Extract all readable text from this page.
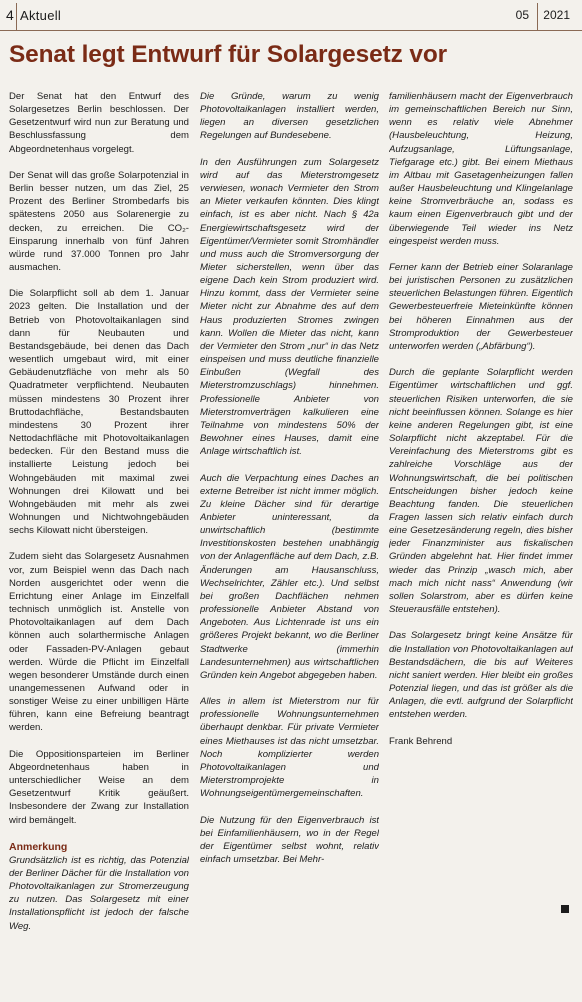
4 Aktuell	05 2021
Senat legt Entwurf für Solargesetz vor

Der Senat hat den Entwurf des Solargesetzes Berlin beschlossen. Der Gesetzentwurf wird nun zur Beratung und Beschlussfassung dem Abgeordnetenhaus vorgelegt.

Der Senat will das große Solarpotenzial in Berlin besser nutzen, um das Ziel, 25 Prozent des Berliner Strombedarfs bis spätestens 2050 aus Solarenergie zu decken, zu erreichen. Die CO₂-Einsparung innerhalb von fünf Jahren würde rund 37.000 Tonnen pro Jahr ausmachen.

Die Solarpflicht soll ab dem 1. Januar 2023 gelten. Die Installation und der Betrieb von Photovoltaikanlagen sind dann für Neubauten und Bestandsgebäude, bei denen das Dach wesentlich umgebaut wird, mit einer Gebäudenutzfläche von mehr als 50 Quadratmeter verpflichtend. Neubauten müssen mindestens 30 Prozent ihrer Bruttodachfläche, Bestandsbauten mindestens 30 Prozent ihrer Nettodachfläche mit Photovoltaikanlagen bedecken. Für den Bestand muss die installierte Leistung jedoch bei Wohngebäuden mit maximal zwei Wohnungen drei Kilowatt und bei Wohngebäuden mit mehr als zwei Wohnungen und Nichtwohngebäuden sechs Kilowatt nicht übersteigen.

Zudem sieht das Solargesetz Ausnahmen vor, zum Beispiel wenn das Dach nach Norden ausgerichtet oder wenn die Errichtung einer Anlage im Einzelfall technisch unmöglich ist. Anstelle von Photovoltaikanlagen auf dem Dach können auch solarthermische Anlagen oder Fassaden-PV-Anlagen gebaut werden. Würde die Pflicht im Einzelfall wegen besonderer Umstände durch einen unangemessenen Aufwand oder in sonstiger Weise zu einer unbilligen Härte führen, kann eine Befreiung beantragt werden.

Die Oppositionsparteien im Berliner Abgeordnetenhaus haben in unterschiedlicher Weise an dem Gesetzentwurf Kritik geäußert. Insbesondere der Zwang zur Installation wird bemängelt.

Anmerkung

Grundsätzlich ist es richtig, das Potenzial der Berliner Dächer für die Installation von Photovoltaikanlagen zur Stromerzeugung zu nutzen. Das Solargesetz mit einer Installationspflicht ist jedoch der falsche Weg.

Die Gründe, warum zu wenig Photovoltaikanlagen installiert werden, liegen an diversen gesetzlichen Regelungen auf Bundesebene.

In den Ausführungen zum Solargesetz wird auf das Mieterstromgesetz verwiesen, wonach Vermieter den Strom an Mieter verkaufen könnten. Dies klingt einfach, ist es aber nicht. Nach § 42a Energiewirtschaftsgesetz wird der Eigentümer/Vermieter somit Stromhändler und muss auch die Stromversorgung der Mieter sicherstellen, wenn über das eigene Dach kein Strom produziert wird. Hinzu kommt, dass der Vermieter seine Mieter nicht zur Abnahme des auf dem Haus produzierten Stromes zwingen kann. Wollen die Mieter das nicht, kann der Vermieter den Strom „nur“ in das Netz einspeisen und muss deutliche finanzielle Einbußen (Wegfall des Mieterstromzuschlags) hinnehmen. Professionelle Anbieter von Mieterstromverträgen kalkulieren eine Teilnahme von mindestens 50% der Bewohner eines Hauses, damit eine Anlage wirtschaftlich ist.

Auch die Verpachtung eines Daches an externe Betreiber ist nicht immer möglich. Zu kleine Dächer sind für derartige Anbieter uninteressant, da unwirtschaftlich (bestimmte Investitionskosten bestehen unabhängig von der Anlagenfläche auf dem Dach, z.B. Änderungen am Hausanschluss, Wechselrichter, Zähler etc.). Und selbst bei großen Dachflächen nehmen professionelle Anbieter Abstand von Angeboten. Aus Lichtenrade ist uns ein größeres Projekt bekannt, wo die Berliner Stadtwerke (immerhin Landesunternehmen) aus wirtschaftlichen Gründen kein Angebot abgegeben haben.

Alles in allem ist Mieterstrom nur für professionelle Wohnungsunternehmen überhaupt denkbar. Für private Vermieter eines Miethauses ist das nicht umsetzbar. Noch komplizierter werden Photovoltaikanlagen und Mieterstromprojekte in Wohnungseigentümergemeinschaften.

Die Nutzung für den Eigenverbrauch ist bei Einfamilienhäusern, wo in der Regel der Eigentümer selbst wohnt, relativ einfach umsetzbar. Bei Mehr-

familienhäusern macht der Eigenverbrauch im gemeinschaftlichen Bereich nur Sinn, wenn es relativ viele Abnehmer (Hausbeleuchtung, Heizung, Aufzugsanlage, Lüftungsanlage, Tiefgarage etc.) gibt. Bei einem Miethaus im Altbau mit Gasetagenheizungen fallen außer Hausbeleuchtung und Klingelanlage keine Stromverbräuche an, sodass es kaum einen Eigenverbrauch gibt und der überwiegende Teil wieder ins Netz eingespeist werden muss.

Ferner kann der Betrieb einer Solaranlage bei juristischen Personen zu zusätzlichen steuerlichen Belastungen führen. Eigentlich Gewerbesteuerfreie Mieteinkünfte können bei höheren Einnahmen aus der Stromproduktion der Gewerbesteuer unterworfen werden („Abfärbung“).

Durch die geplante Solarpflicht werden Eigentümer wirtschaftlichen und ggf. steuerlichen Risiken unterworfen, die sie nicht beeinflussen können. Solange es hier keine anderen Regelungen gibt, ist eine Solarpflicht nicht akzeptabel. Für die Vereinfachung des Mieterstroms gibt es zahlreiche Vorschläge aus der Wohnungswirtschaft, die bei politischen Entscheidungen bisher jedoch keine Beachtung fanden. Die steuerlichen Fragen lassen sich relativ einfach durch eine Gesetzesänderung regeln, dies bisher jeder Finanzminister aus fiskalischen Gründen abgelehnt hat. Hier findet immer wieder das Prinzip „wasch mich, aber mach mich nicht nass“ Anwendung (wir sollen Solarstrom, aber es dürfen keine Steuerausfälle entstehen).

Das Solargesetz bringt keine Ansätze für die Installation von Photovoltaikanlagen auf Bestandsdächern, die bis auf Weiteres nicht saniert werden. Hier bleibt ein großes Potenzial liegen, und das ist größer als die Anlagen, die evtl. aufgrund der Solarpflicht entstehen werden.

Frank Behrend
